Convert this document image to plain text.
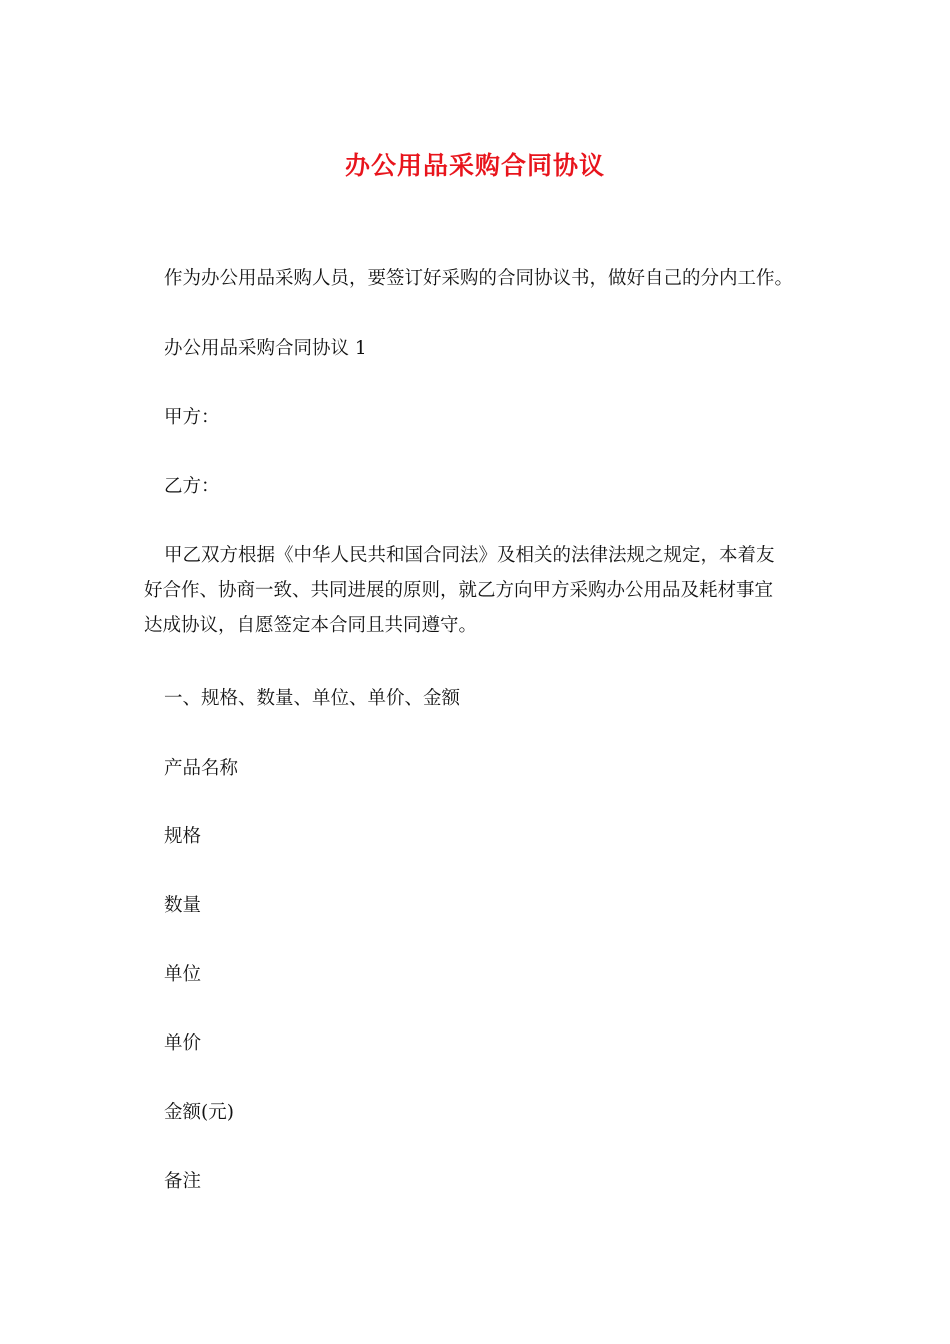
办公用品采购合同协议

作为办公用品采购人员，要签订好采购的合同协议书，做好自己的分内工作。

办公用品采购合同协议 1

甲方：

乙方：

甲乙双方根据《中华人民共和国合同法》及相关的法律法规之规定，本着友
好合作、协商一致、共同进展的原则，就乙方向甲方采购办公用品及耗材事宜
达成协议，自愿签定本合同且共同遵守。

一、规格、数量、单位、单价、金额

产品名称

规格

数量

单位

单价

金额(元)

备注
